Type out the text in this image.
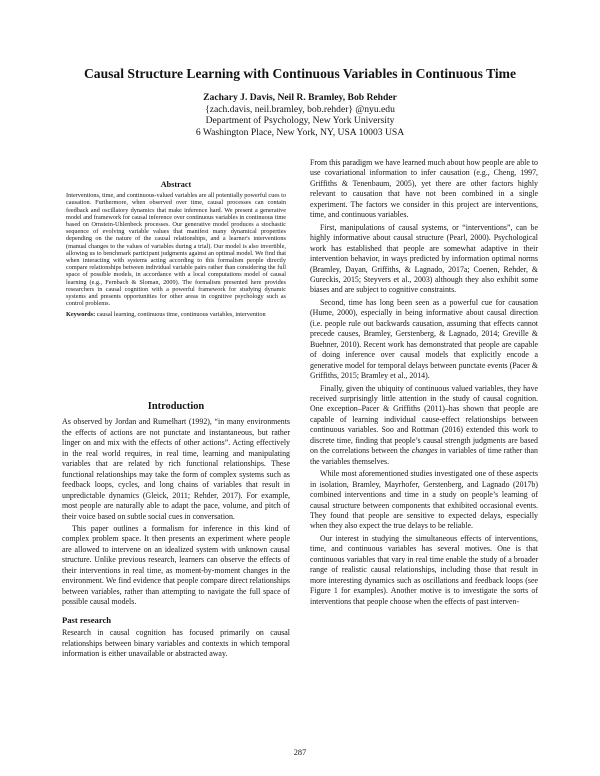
Causal Structure Learning with Continuous Variables in Continuous Time
Zachary J. Davis, Neil R. Bramley, Bob Rehder
{zach.davis, neil.bramley, bob.rehder} @nyu.edu
Department of Psychology, New York University
6 Washington Place, New York, NY, USA 10003 USA
Abstract

Interventions, time, and continuous-valued variables are all potentially powerful cues to causation. Furthermore, when observed over time, causal processes can contain feedback and oscillatory dynamics that make inference hard. We present a generative model and framework for causal inference over continuous variables in continuous time based on Ornstein-Uhlenbeck processes. Our generative model produces a stochastic sequence of evolving variable values that manifest many dynamical properties depending on the nature of the causal relationships, and a learner's interventions (manual changes to the values of variables during a trial). Our model is also invertible, allowing us to benchmark participant judgments against an optimal model. We find that when interacting with systems acting according to this formalism people directly compare relationships between individual variable pairs rather than considering the full space of possible models, in accordance with a local computations model of causal learning (e.g., Fernbach & Sloman, 2009). The formalism presented here provides researchers in causal cognition with a powerful framework for studying dynamic systems and presents opportunities for other areas in cognitive psychology such as control problems.

Keywords: causal learning, continuous time, continuous variables, intervention

Introduction

As observed by Jordan and Rumelhart (1992), “in many environments the effects of actions are not punctate and instantaneous, but rather linger on and mix with the effects of other actions”. Acting effectively in the real world requires, in real time, learning and manipulating variables that are related by rich functional relationships. These functional relationships may take the form of complex systems such as feedback loops, cycles, and long chains of variables that result in unpredictable dynamics (Gleick, 2011; Rehder, 2017). For example, most people are naturally able to adapt the pace, volume, and pitch of their voice based on subtle social cues in conversation.

This paper outlines a formalism for inference in this kind of complex problem space. It then presents an experiment where people are allowed to intervene on an idealized system with unknown causal structure. Unlike previous research, learners can observe the effects of their interventions in real time, as moment-by-moment changes in the environment. We find evidence that people compare direct relationships between variables, rather than attempting to navigate the full space of possible causal models.

Past research

Research in causal cognition has focused primarily on causal relationships between binary variables and contexts in which temporal information is either unavailable or abstracted away.

From this paradigm we have learned much about how people are able to use covariational information to infer causation (e.g., Cheng, 1997, Griffiths & Tenenbaum, 2005), yet there are other factors highly relevant to causation that have not been combined in a single experiment. The factors we consider in this project are interventions, time, and continuous variables.

First, manipulations of causal systems, or “interventions”, can be highly informative about causal structure (Pearl, 2000). Psychological work has established that people are somewhat adaptive in their intervention behavior, in ways predicted by information optimal norms (Bramley, Dayan, Griffiths, & Lagnado, 2017a; Coenen, Rehder, & Gureckis, 2015; Steyvers et al., 2003) although they also exhibit some biases and are subject to cognitive constraints.

Second, time has long been seen as a powerful cue for causation (Hume, 2000), especially in being informative about causal direction (i.e. people rule out backwards causation, assuming that effects cannot precede causes, Bramley, Gerstenberg, & Lagnado, 2014; Greville & Buehner, 2010). Recent work has demonstrated that people are capable of doing inference over causal models that explicitly encode a generative model for temporal delays between punctate events (Pacer & Griffiths, 2015; Bramley et al., 2014).

Finally, given the ubiquity of continuous valued variables, they have received surprisingly little attention in the study of causal cognition. One exception–Pacer & Griffiths (2011)–has shown that people are capable of learning individual cause-effect relationships between continuous variables. Soo and Rottman (2016) extended this work to discrete time, finding that people’s causal strength judgments are based on the correlations between the changes in variables of time rather than the variables themselves.

While most aforementioned studies investigated one of these aspects in isolation, Bramley, Mayrhofer, Gerstenberg, and Lagnado (2017b) combined interventions and time in a study on people’s learning of causal structure between components that exhibited occasional events. They found that people are sensitive to expected delays, especially when they also expect the true delays to be reliable.

Our interest in studying the simultaneous effects of interventions, time, and continuous variables has several motives. One is that continuous variables that vary in real time enable the study of a broader range of realistic causal relationships, including those that result in more interesting dynamics such as oscillations and feedback loops (see Figure 1 for examples). Another motive is to investigate the sorts of interventions that people choose when the effects of past interven-

287
